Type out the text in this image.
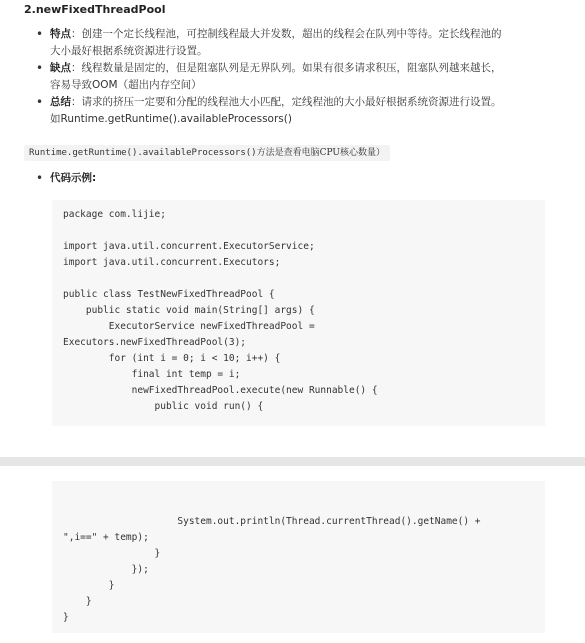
2.newFixedThreadPool
• 特点：创建一个定长线程池，可控制线程最大并发数，超出的线程会在队列中等待。定长线程池的
大小最好根据系统资源进行设置。
• 缺点：线程数量是固定的，但是阻塞队列是无界队列。如果有很多请求积压，阻塞队列越来越长，
容易导致OOM（超出内存空间）
• 总结：请求的挤压一定要和分配的线程池大小匹配，定线程池的大小最好根据系统资源进行设置。
如Runtime.getRuntime().availableProcessors()
Runtime.getRuntime().availableProcessors()方法是查看电脑CPU核心数量）
• 代码示例:
package com.lijie;
import java.util.concurrent.ExecutorService;
import java.util.concurrent.Executors;
public class TestNewFixedThreadPool {
public static void main(String[] args) {
ExecutorService newFixedThreadPool =
Executors.newFixedThreadPool(3);
for (int i = 0; i < 10; i++) {
final int temp = i;
newFixedThreadPool.execute(new Runnable() {
public void run() {
System.out.println(Thread.currentThread().getName() +
",i==" + temp);
}
});
}
}
}
